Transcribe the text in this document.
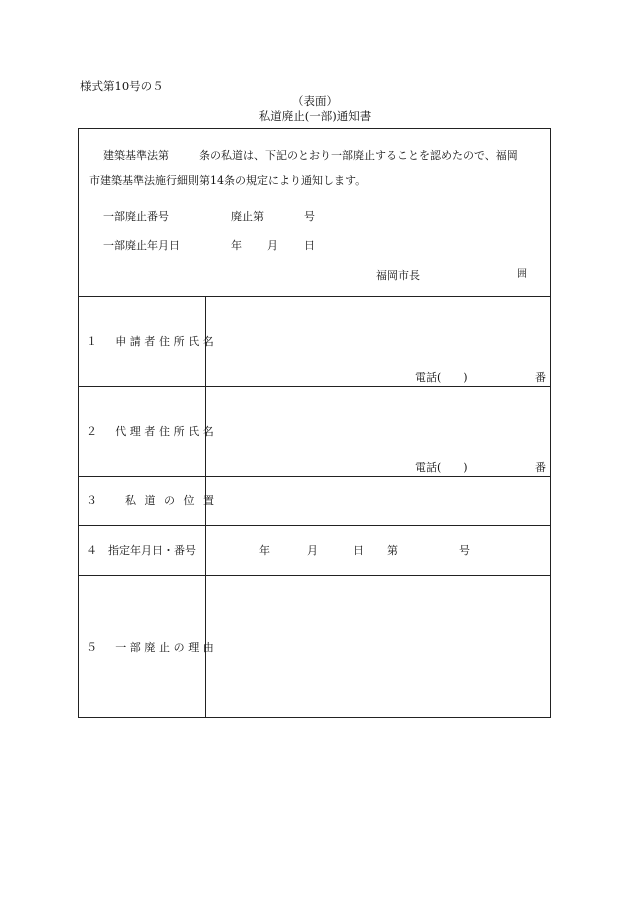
様式第10号の５
（表面）
私道廃止(一部)通知書
建築基準法第	条の私道は、下記のとおり一部廃止することを認めたので、福岡
市建築基準法施行細則第14条の規定により通知します。
一部廃止番号	廃止第	号
一部廃止年月日	年 月 日
福岡市長	囲
１　申請者住所氏名
電話(　　)	番
２　代理者住所氏名
電話(　　)	番
３　私道の位置
４　指定年月日・番号	年	月	日 第	号
５　一部廃止の理由
